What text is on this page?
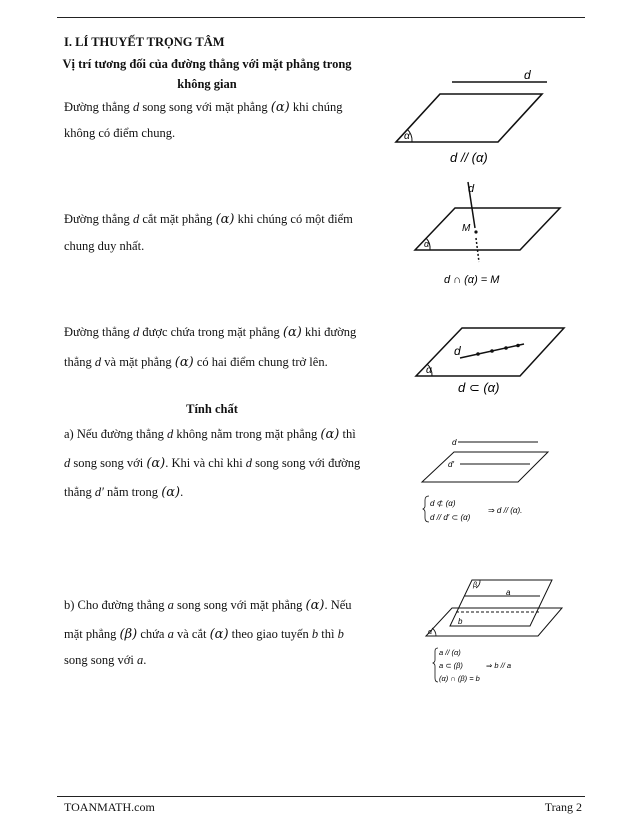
I. LÍ THUYẾT TRỌNG TÂM
Vị trí tương đối của đường thẳng với mặt phẳng trong
không gian
Đường thẳng d song song với mặt phẳng (α) khi chúng
không có điểm chung.
d
α
d // (α)
Đường thẳng d cắt mặt phẳng (α) khi chúng có một điểm
chung duy nhất.
d
M
α
d ∩ (α) = M
Đường thẳng d được chứa trong mặt phẳng (α) khi đường
thẳng d và mặt phẳng (α) có hai điểm chung trở lên.
d
α
d ⊂ (α)
Tính chất
a) Nếu đường thẳng d không nằm trong mặt phẳng (α) thì
d song song với (α). Khi và chỉ khi d song song với đường
thẳng d′ nằm trong (α).
d
d′
d ⊄ (α)
d // d′ ⊂ (α)
⇒ d // (α).
b) Cho đường thẳng a song song với mặt phẳng (α). Nếu
mặt phẳng (β) chứa a và cắt (α) theo giao tuyến b thì b
song song với a.
a
b
β
α
a // (α)
a ⊂ (β)
(α) ∩ (β) = b
⇒ b // a
TOANMATH.com	Trang 2
